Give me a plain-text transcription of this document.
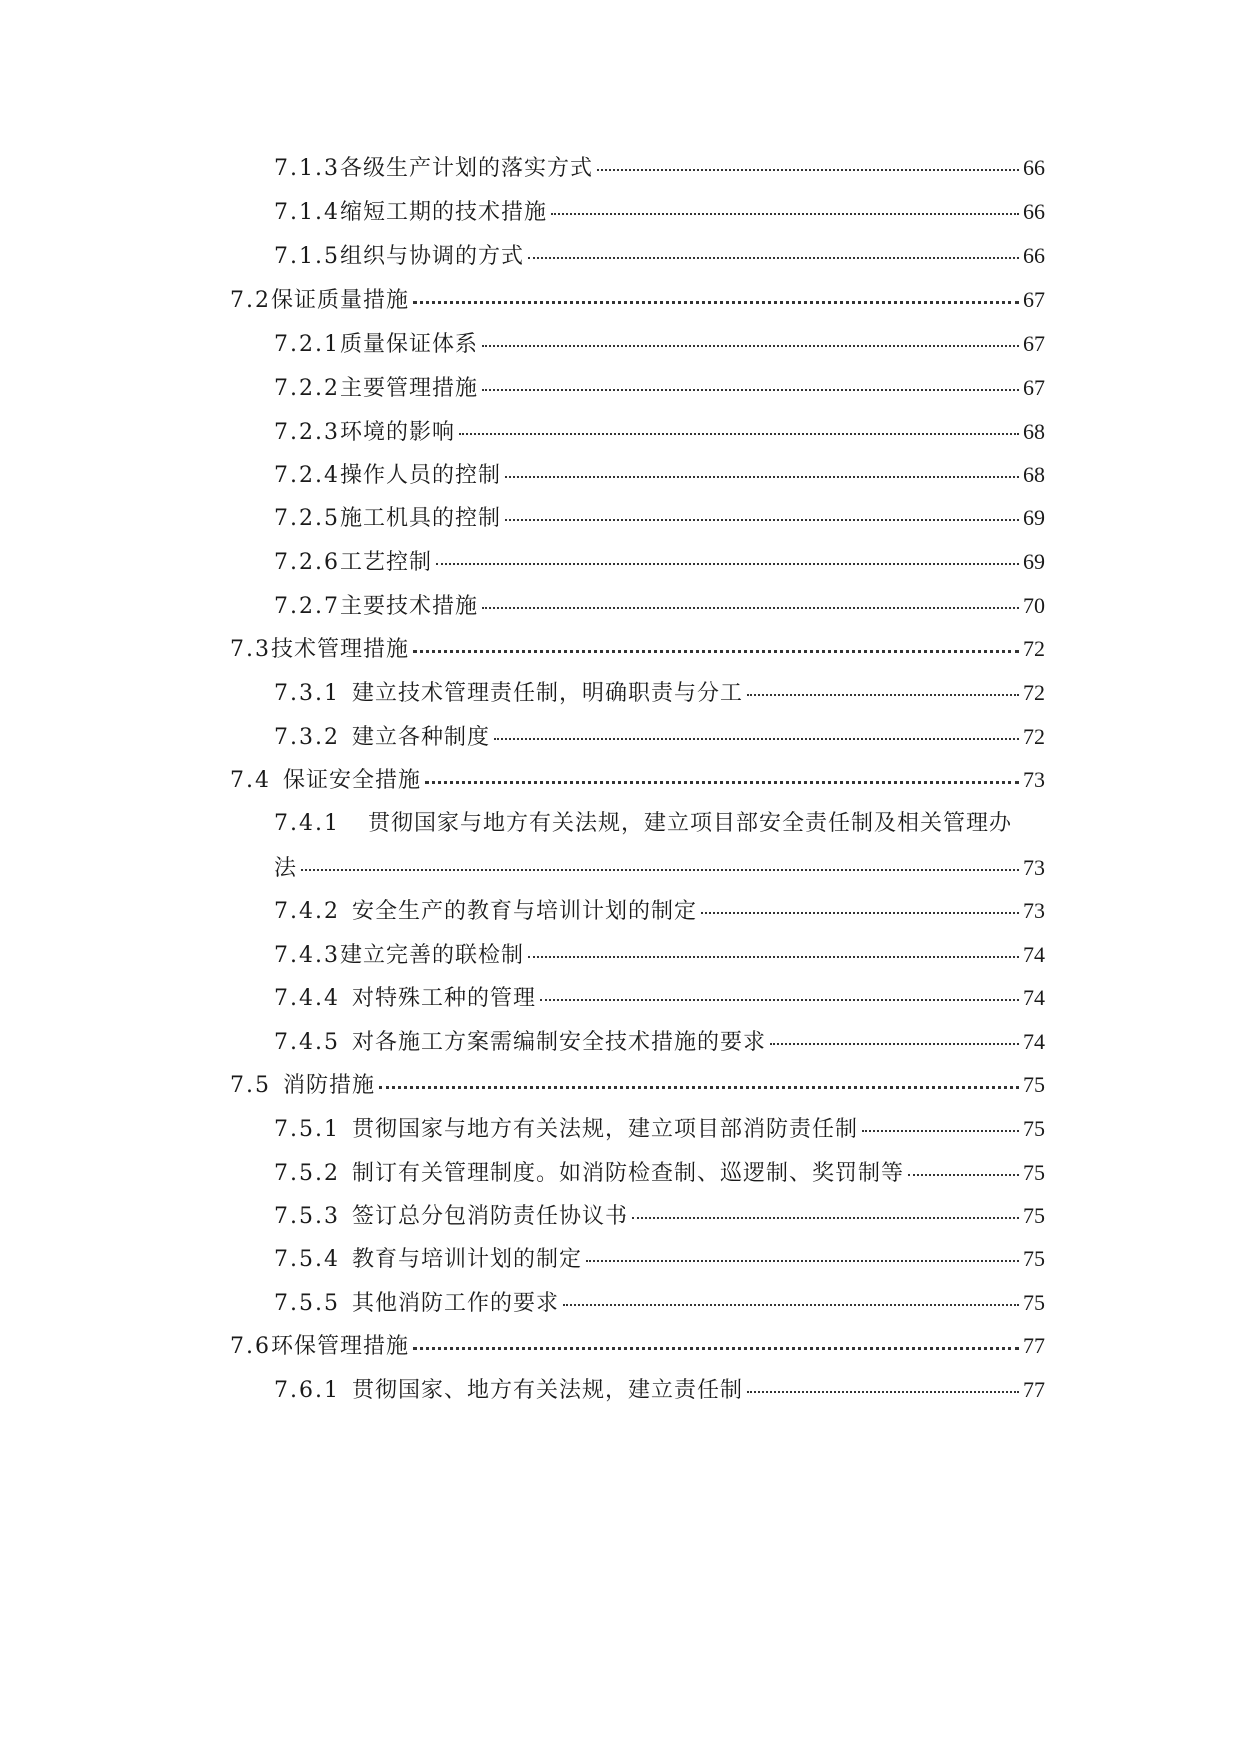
7.1.3 各级生产计划的落实方式	66
7.1.4 缩短工期的技术措施	66
7.1.5 组织与协调的方式	66
7.2 保证质量措施	67
7.2.1 质量保证体系	67
7.2.2 主要管理措施	67
7.2.3 环境的影响	68
7.2.4 操作人员的控制	68
7.2.5 施工机具的控制	69
7.2.6 工艺控制	69
7.2.7 主要技术措施	70
7.3 技术管理措施	72
7.3.1 建立技术管理责任制，明确职责与分工	72
7.3.2 建立各种制度	72
7.4 保证安全措施	73
7.4.1 贯彻国家与地方有关法规，建立项目部安全责任制及相关管理办
法	73
7.4.2 安全生产的教育与培训计划的制定	73
7.4.3 建立完善的联检制	74
7.4.4 对特殊工种的管理	74
7.4.5 对各施工方案需编制安全技术措施的要求	74
7.5 消防措施	75
7.5.1 贯彻国家与地方有关法规，建立项目部消防责任制	75
7.5.2 制订有关管理制度。如消防检查制、巡逻制、奖罚制等	75
7.5.3 签订总分包消防责任协议书	75
7.5.4 教育与培训计划的制定	75
7.5.5 其他消防工作的要求	75
7.6 环保管理措施	77
7.6.1 贯彻国家、地方有关法规，建立责任制	77
